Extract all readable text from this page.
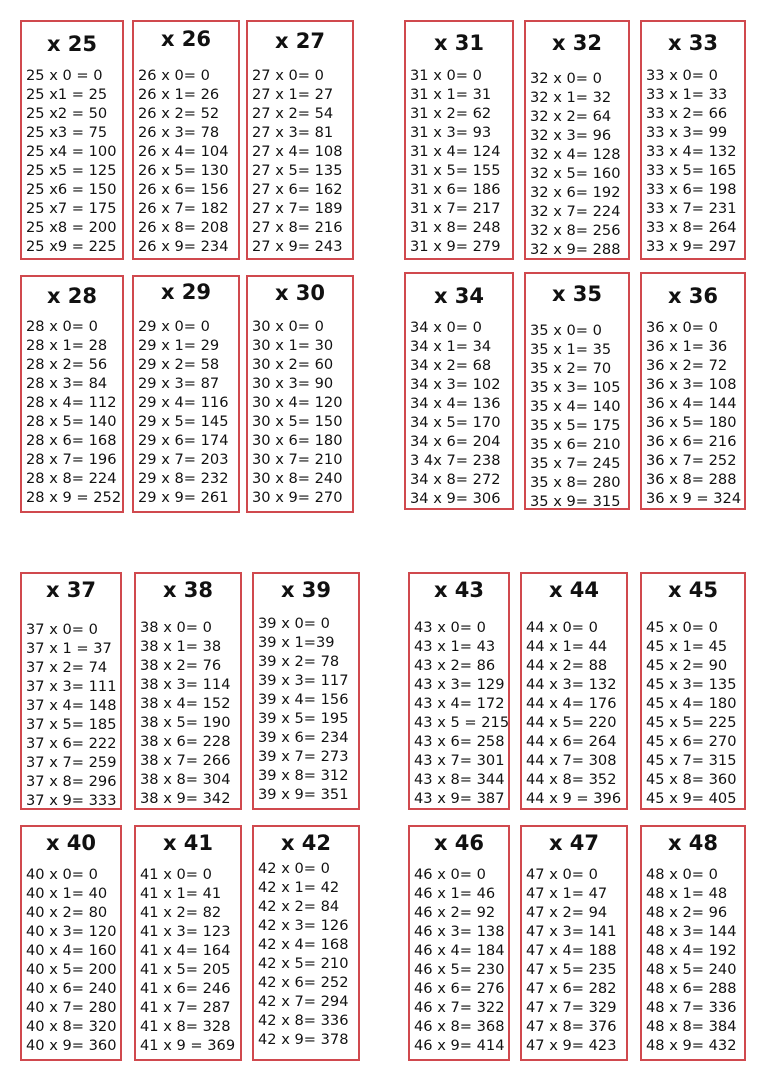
x 25
25 x 0 = 0
25 x1 = 25
25 x2 = 50
25 x3 = 75
25 x4 = 100
25 x5 = 125
25 x6 = 150
25 x7 = 175
25 x8 = 200
25 x9 = 225
x 26
26 x 0= 0
26 x 1= 26
26 x 2= 52
26 x 3= 78
26 x 4= 104
26 x 5= 130
26 x 6= 156
26 x 7= 182
26 x 8= 208
26 x 9= 234
x 27
27 x 0= 0
27 x 1= 27
27 x 2= 54
27 x 3= 81
27 x 4= 108
27 x 5= 135
27 x 6= 162
27 x 7= 189
27 x 8= 216
27 x 9= 243
x 31
31 x 0= 0
31 x 1= 31
31 x 2= 62
31 x 3= 93
31 x 4= 124
31 x 5= 155
31 x 6= 186
31 x 7= 217
31 x 8= 248
31 x 9= 279
x 32
32 x 0= 0
32 x 1= 32
32 x 2= 64
32 x 3= 96
32 x 4= 128
32 x 5= 160
32 x 6= 192
32 x 7= 224
32 x 8= 256
32 x 9= 288
x 33
33 x 0= 0
33 x 1= 33
33 x 2= 66
33 x 3= 99
33 x 4= 132
33 x 5= 165
33 x 6= 198
33 x 7= 231
33 x 8= 264
33 x 9= 297
x 28
28 x 0= 0
28 x 1= 28
28 x 2= 56
28 x 3= 84
28 x 4= 112
28 x 5= 140
28 x 6= 168
28 x 7= 196
28 x 8= 224
28 x 9 = 252
x 29
29 x 0= 0
29 x 1= 29
29 x 2= 58
29 x 3= 87
29 x 4= 116
29 x 5= 145
29 x 6= 174
29 x 7= 203
29 x 8= 232
29 x 9= 261
x 30
30 x 0= 0
30 x 1= 30
30 x 2= 60
30 x 3= 90
30 x 4= 120
30 x 5= 150
30 x 6= 180
30 x 7= 210
30 x 8= 240
30 x 9= 270
x 34
34 x 0= 0
34 x 1= 34
34 x 2= 68
34 x 3= 102
34 x 4= 136
34 x 5= 170
34 x 6= 204
3 4x 7= 238
34 x 8= 272
34 x 9= 306
x 35
35 x 0= 0
35 x 1= 35
35 x 2= 70
35 x 3= 105
35 x 4= 140
35 x 5= 175
35 x 6= 210
35 x 7= 245
35 x 8= 280
35 x 9= 315
x 36
36 x 0= 0
36 x 1= 36
36 x 2= 72
36 x 3= 108
36 x 4= 144
36 x 5= 180
36 x 6= 216
36 x 7= 252
36 x 8= 288
36 x 9 = 324
x 37
37 x 0= 0
37 x 1 = 37
37 x 2= 74
37 x 3= 111
37 x 4= 148
37 x 5= 185
37 x 6= 222
37 x 7= 259
37 x 8= 296
37 x 9= 333
x 38
38 x 0= 0
38 x 1= 38
38 x 2= 76
38 x 3= 114
38 x 4= 152
38 x 5= 190
38 x 6= 228
38 x 7= 266
38 x 8= 304
38 x 9= 342
x 39
39 x 0= 0
39 x 1=39
39 x 2= 78
39 x 3= 117
39 x 4= 156
39 x 5= 195
39 x 6= 234
39 x 7= 273
39 x 8= 312
39 x 9= 351
x 43
43 x 0= 0
43 x 1= 43
43 x 2= 86
43 x 3= 129
43 x 4= 172
43 x 5 = 215
43 x 6= 258
43 x 7= 301
43 x 8= 344
43 x 9= 387
x 44
44 x 0= 0
44 x 1= 44
44 x 2= 88
44 x 3= 132
44 x 4= 176
44 x 5= 220
44 x 6= 264
44 x 7= 308
44 x 8= 352
44 x 9 = 396
x 45
45 x 0= 0
45 x 1= 45
45 x 2= 90
45 x 3= 135
45 x 4= 180
45 x 5= 225
45 x 6= 270
45 x 7= 315
45 x 8= 360
45 x 9= 405
x 40
40 x 0= 0
40 x 1= 40
40 x 2= 80
40 x 3= 120
40 x 4= 160
40 x 5= 200
40 x 6= 240
40 x 7= 280
40 x 8= 320
40 x 9= 360
x 41
41 x 0= 0
41 x 1= 41
41 x 2= 82
41 x 3= 123
41 x 4= 164
41 x 5= 205
41 x 6= 246
41 x 7= 287
41 x 8= 328
41 x 9 = 369
x 42
42 x 0= 0
42 x 1= 42
42 x 2= 84
42 x 3= 126
42 x 4= 168
42 x 5= 210
42 x 6= 252
42 x 7= 294
42 x 8= 336
42 x 9= 378
x 46
46 x 0= 0
46 x 1= 46
46 x 2= 92
46 x 3= 138
46 x 4= 184
46 x 5= 230
46 x 6= 276
46 x 7= 322
46 x 8= 368
46 x 9= 414
x 47
47 x 0= 0
47 x 1= 47
47 x 2= 94
47 x 3= 141
47 x 4= 188
47 x 5= 235
47 x 6= 282
47 x 7= 329
47 x 8= 376
47 x 9= 423
x 48
48 x 0= 0
48 x 1= 48
48 x 2= 96
48 x 3= 144
48 x 4= 192
48 x 5= 240
48 x 6= 288
48 x 7= 336
48 x 8= 384
48 x 9= 432
